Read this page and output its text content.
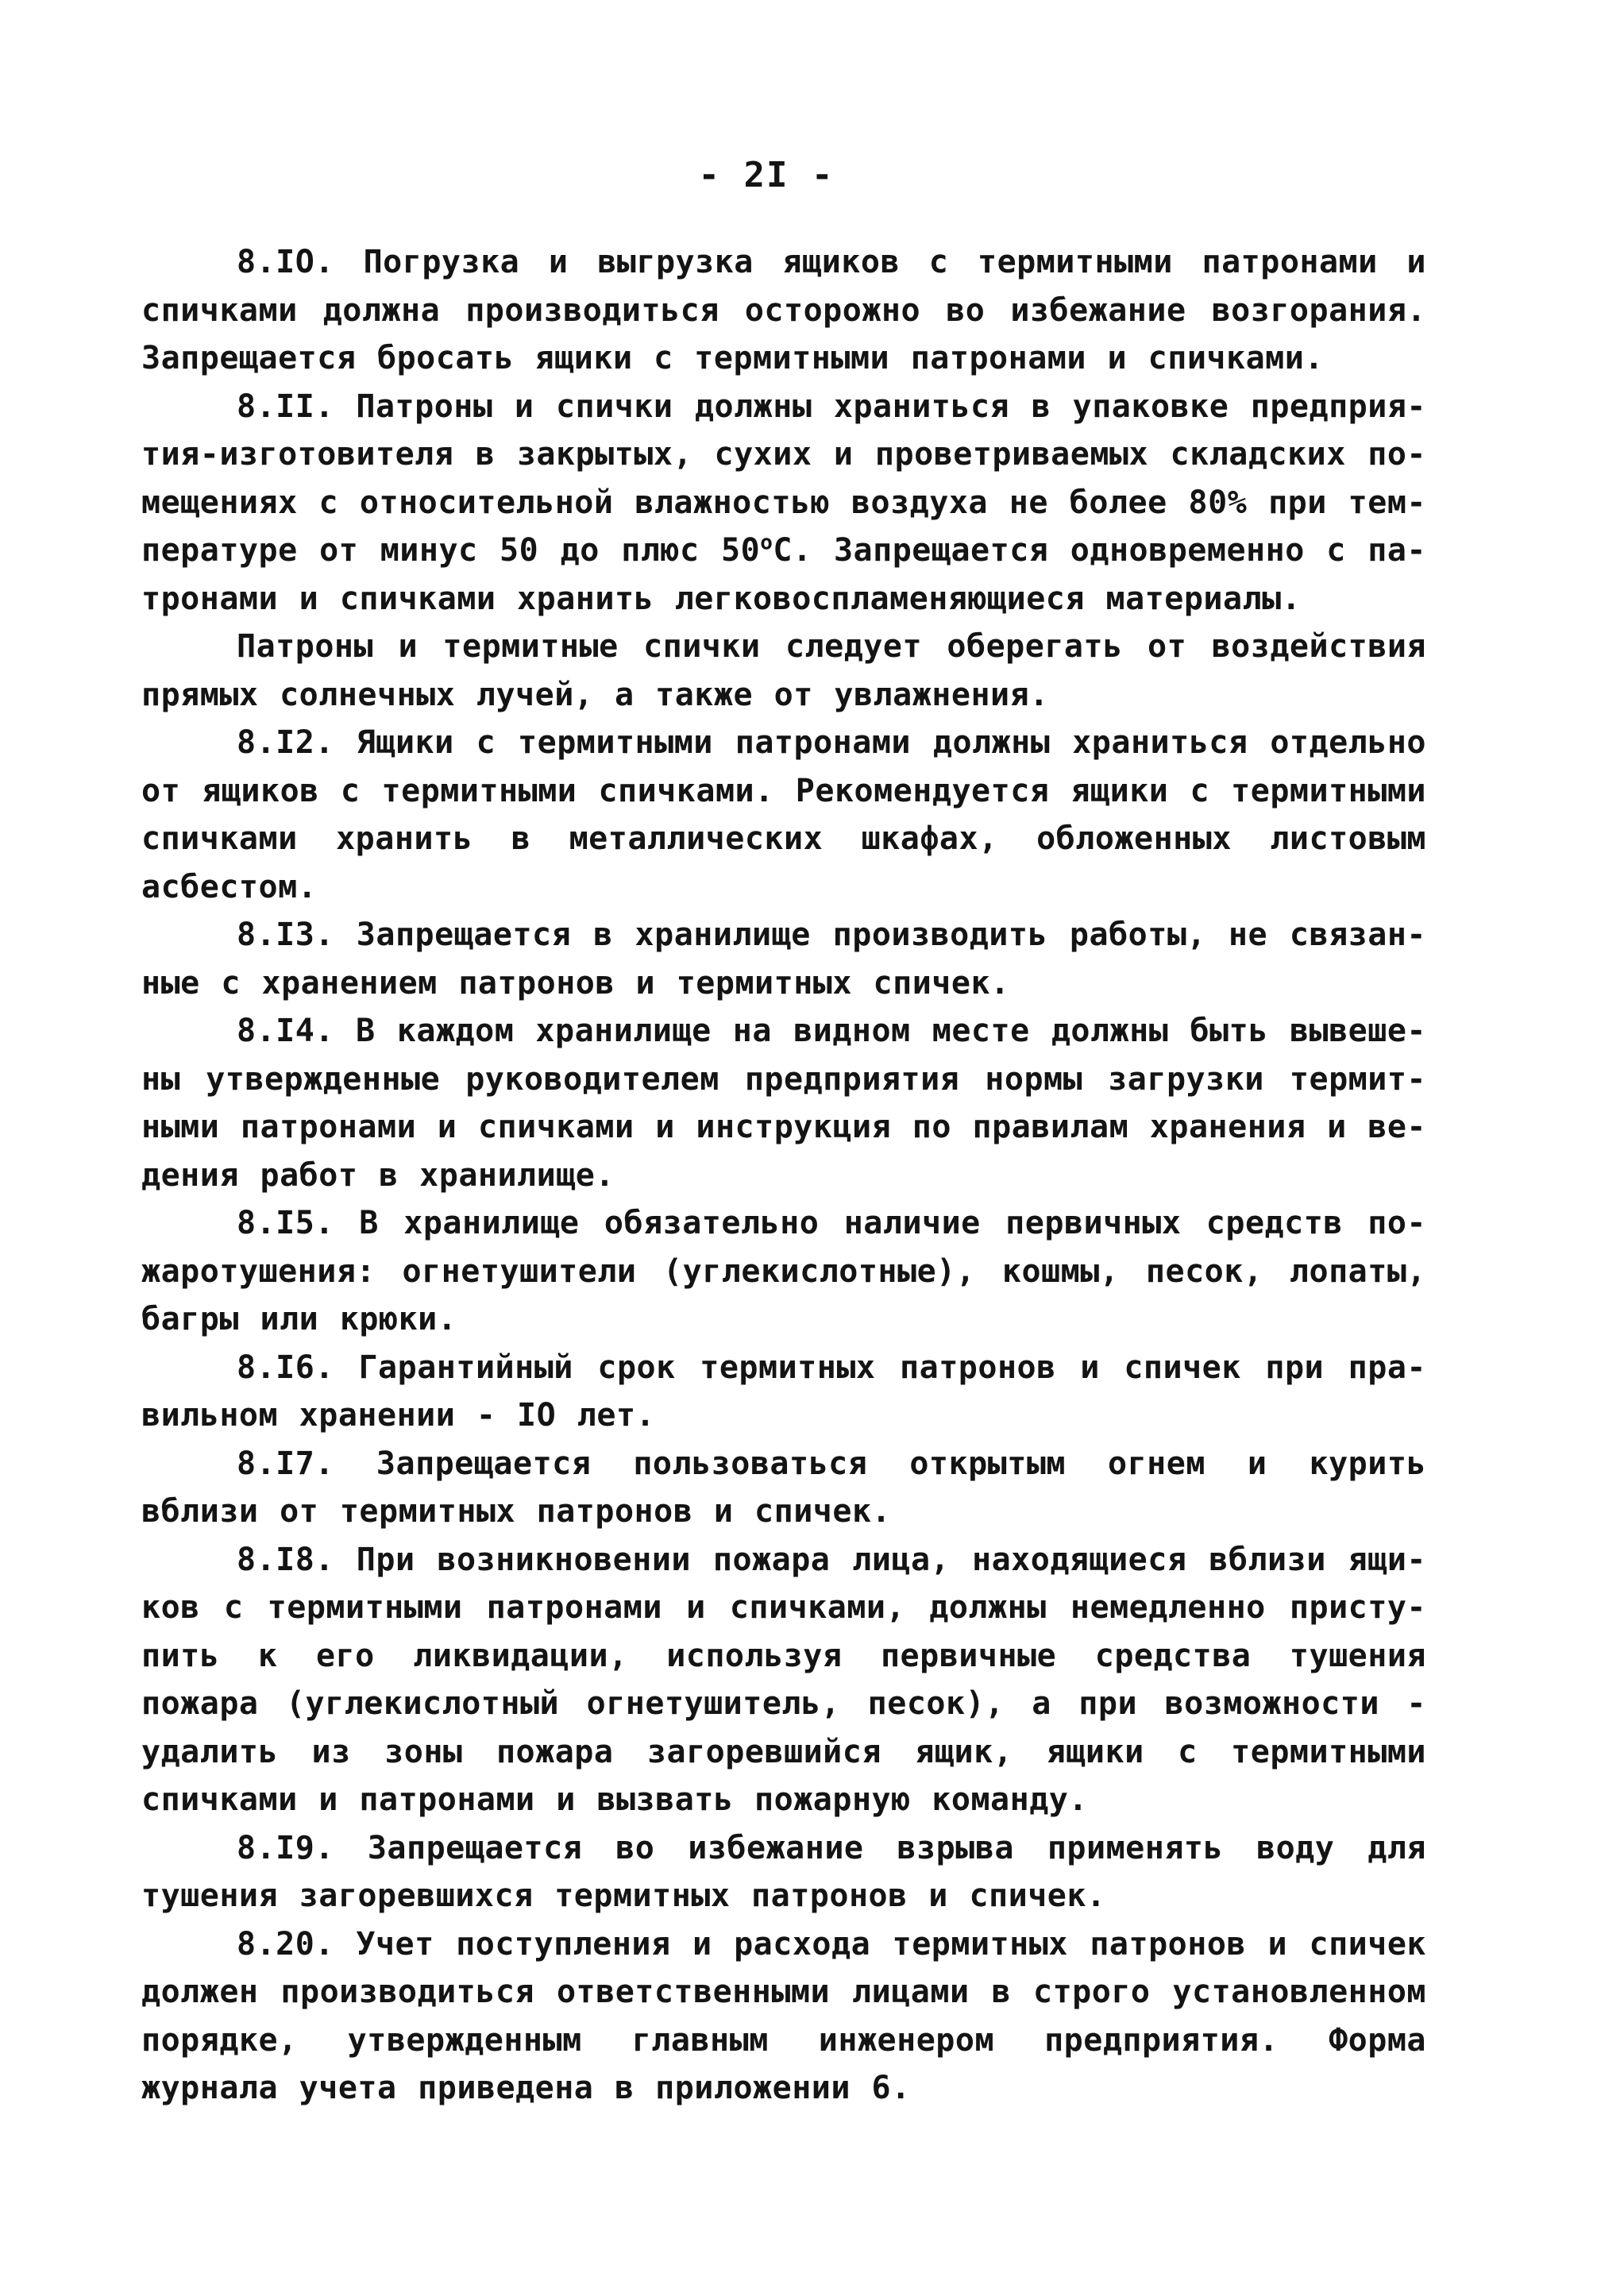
- 2I -

8.IO. Погрузка и выгрузка ящиков с термитными патронами и спичками должна производиться осторожно во избежание возгорания. Запрещается бросать ящики с термитными патронами и спичками.

8.II. Патроны и спички должны храниться в упаковке предприя-тия-изготовителя в закрытых, сухих и проветриваемых складских по-мещениях с относительной влажностью воздуха не более 80% при тем-пературе от минус 50 до плюс $50^оС$. Запрещается одновременно с па-тронами и спичками хранить легковоспламеняющиеся материалы.

Патроны и термитные спички следует оберегать от воздействия прямых солнечных лучей, а также от увлажнения.

8.I2. Ящики с термитными патронами должны храниться отдельно от ящиков с термитными спичками. Рекомендуется ящики с термитными спичками хранить в металлических шкафах, обложенных листовым асбестом.

8.I3. Запрещается в хранилище производить работы, не связан-ные с хранением патронов и термитных спичек.

8.I4. В каждом хранилище на видном месте должны быть вывеше-ны утвержденные руководителем предприятия нормы загрузки термит-ными патронами и спичками и инструкция по правилам хранения и ве-дения работ в хранилище.

8.I5. В хранилище обязательно наличие первичных средств по-жаротушения: огнетушители (углекислотные), кошмы, песок, лопаты, багры или крюки.

8.I6. Гарантийный срок термитных патронов и спичек при пра-вильном хранении - IO лет.

8.I7. Запрещается пользоваться открытым огнем и курить вблизи от термитных патронов и спичек.

8.I8. При возникновении пожара лица, находящиеся вблизи ящи-ков с термитными патронами и спичками, должны немедленно присту-пить к его ликвидации, используя первичные средства тушения пожара (углекислотный огнетушитель, песок), а при возможности - удалить из зоны пожара загоревшийся ящик, ящики с термитными спичками и патронами и вызвать пожарную команду.

8.I9. Запрещается во избежание взрыва применять воду для тушения загоревшихся термитных патронов и спичек.

8.20. Учет поступления и расхода термитных патронов и спичек должен производиться ответственными лицами в строго установленном порядке, утвержденным главным инженером предприятия. Форма журнала учета приведена в приложении 6.
